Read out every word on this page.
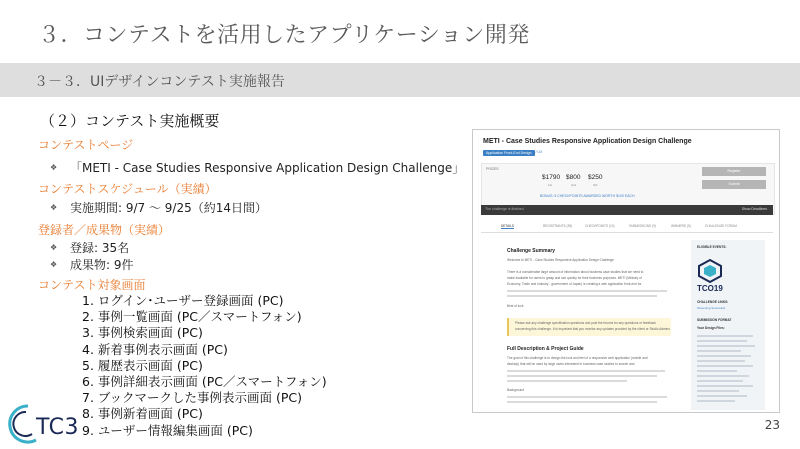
３．コンテストを活用したアプリケーション開発
３－３．UIデザインコンテスト実施報告
（２）コンテスト実施概要
コンテストページ
❖ 「METI - Case Studies Responsive Application Design Challenge」
コンテストスケジュール（実績）
❖ 実施期間: 9/7 ～ 9/25（約14日間）
登録者／成果物（実績）
❖ 登録: 35名
❖ 成果物: 9件
コンテスト対象画面
1. ログイン･ユーザー登録画面 (PC)
2. 事例一覧画面 (PC／スマートフォン)
3. 事例検索画面 (PC)
4. 新着事例表示画面 (PC)
5. 履歴表示画面 (PC)
6. 事例詳細表示画面 (PC／スマートフォン)
7. ブックマークした事例表示画面 (PC)
8. 事例新着画面 (PC)
9. ユーザー情報編集画面 (PC)
METI - Case Studies Responsive Application Design Challenge
Application Front-End Design UI / UX
PRIZES
$1790 $800 $250
1st	2nd	3rd
BONUS: 5 CHECKPOINTS AWARDED WORTH $100 EACH
Register
Submit
The challenge is finished.	Show Deadlines
DETAILS	REGISTRANTS (35)	CHECKPOINTS (10)	SUBMISSIONS (9)	WINNERS (5)	CHALLENGE FORUM
Challenge Summary
Welcome to METI - Case Studies Responsive Application Design Challenge
There is a considerable large amount of information about business case studies that we need to
make available for users to grasp and use quickly for their business purposes. METI (Ministry of
Economy, Trade and Industry - government of Japan) is creating a web application front-end for
Best of luck
Please ask any challenge specification questions and post the forums for any questions or feedback
concerning this challenge. It is important that you monitor any updates provided by the client or Studio Admins
Full Description & Project Guide
The goal of this challenge is to design the look and feel of a responsive web application (mobile and
desktop) that will be used by large users interested in business case studies to search and
Background
ELIGIBLE EVENTS:
TCO19
CHALLENGE LINKS:
Screening Scorecard
SUBMISSION FORMAT
Your Design Files:
TC3	23
